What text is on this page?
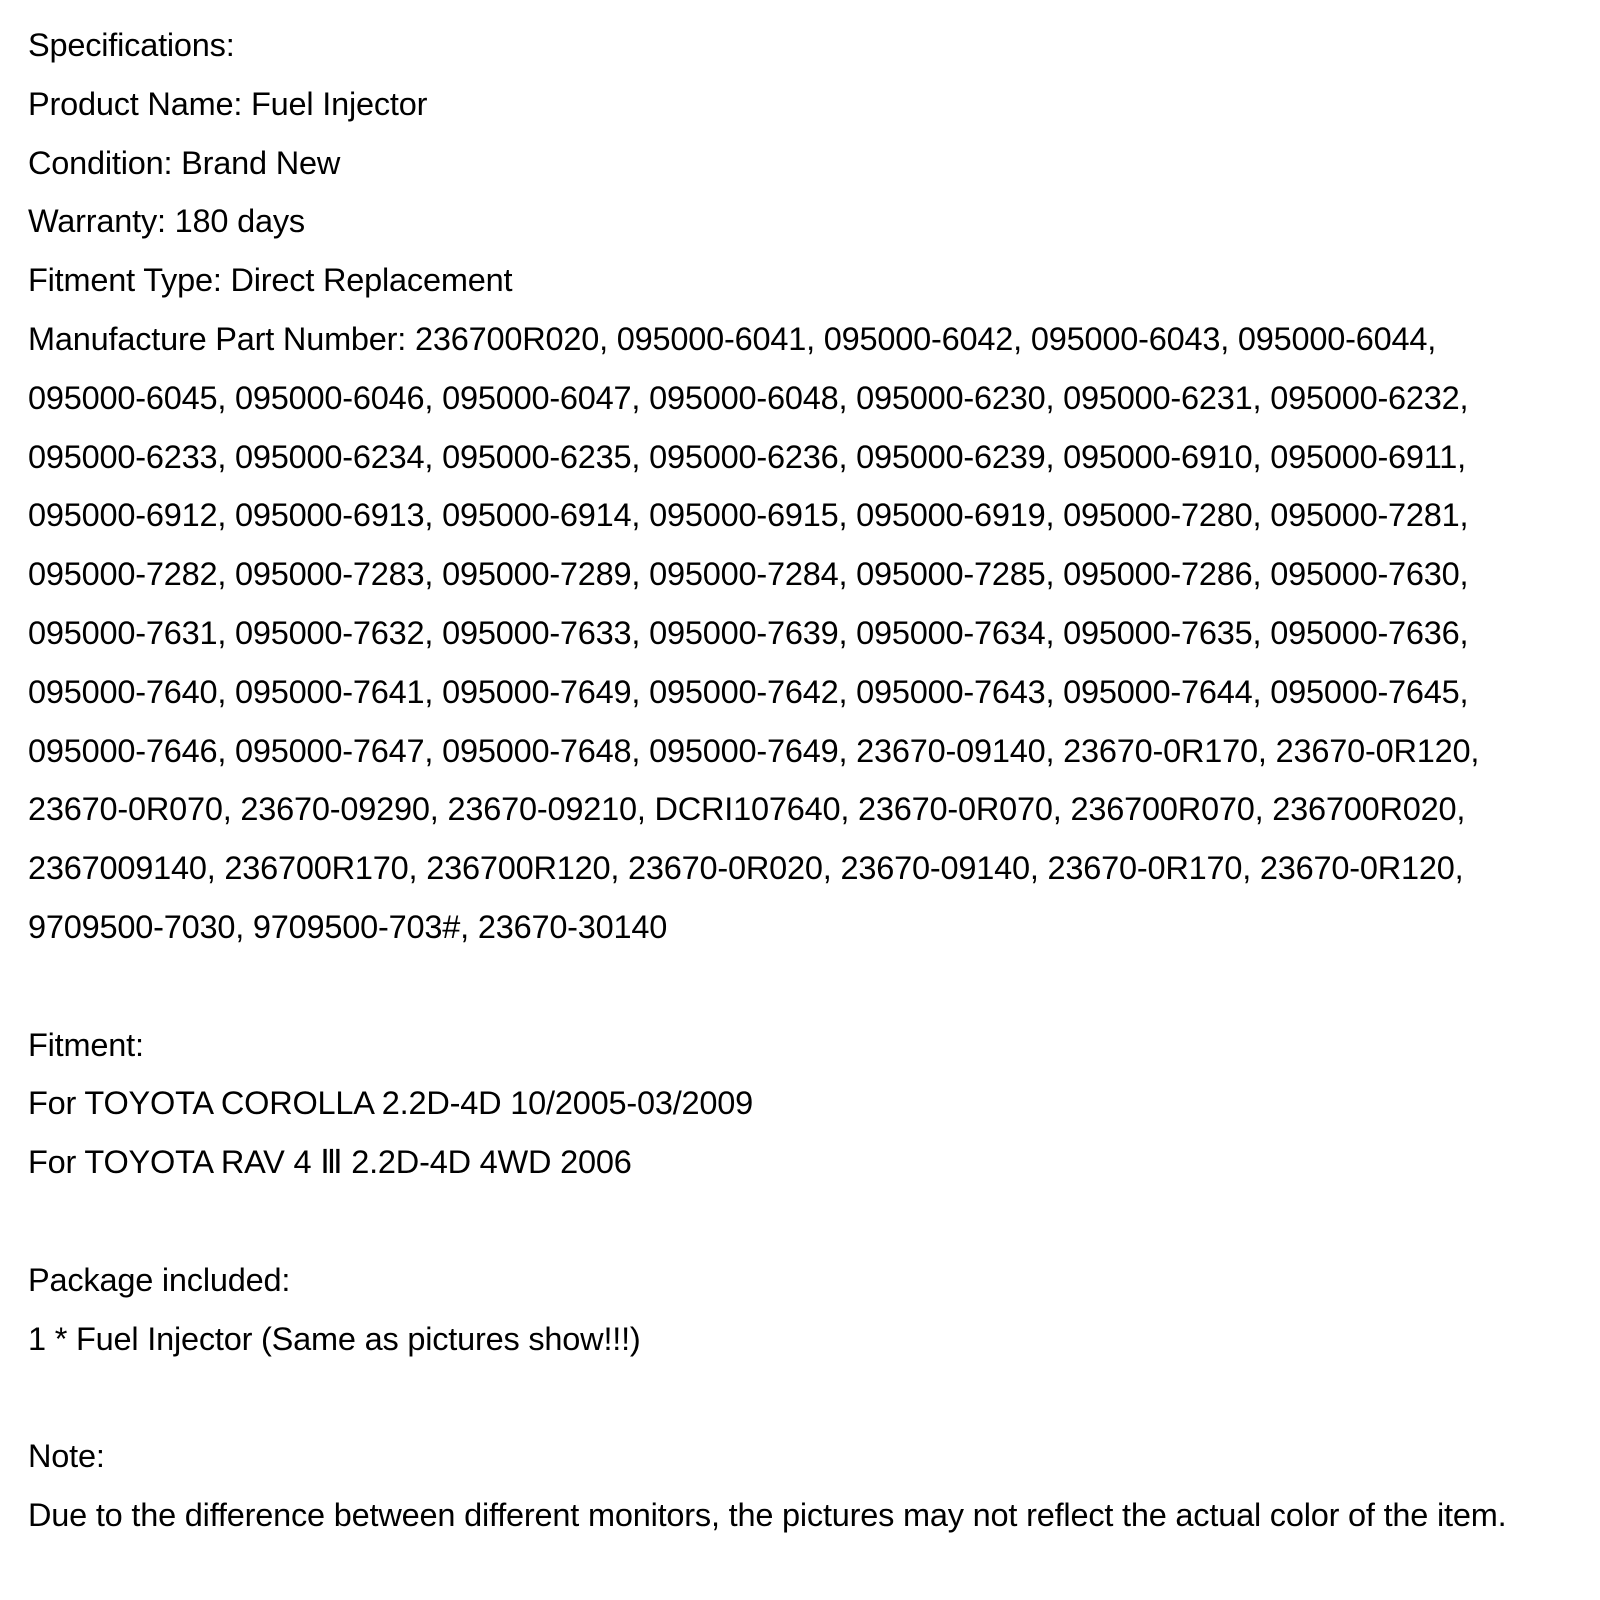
Specifications:
Product Name: Fuel Injector
Condition: Brand New
Warranty: 180 days
Fitment Type: Direct Replacement
Manufacture Part Number: 236700R020, 095000-6041, 095000-6042, 095000-6043, 095000-6044,
095000-6045, 095000-6046, 095000-6047, 095000-6048, 095000-6230, 095000-6231, 095000-6232,
095000-6233, 095000-6234, 095000-6235, 095000-6236, 095000-6239, 095000-6910, 095000-6911,
095000-6912, 095000-6913, 095000-6914, 095000-6915, 095000-6919, 095000-7280, 095000-7281,
095000-7282, 095000-7283, 095000-7289, 095000-7284, 095000-7285, 095000-7286, 095000-7630,
095000-7631, 095000-7632, 095000-7633, 095000-7639, 095000-7634, 095000-7635, 095000-7636,
095000-7640, 095000-7641, 095000-7649, 095000-7642, 095000-7643, 095000-7644, 095000-7645,
095000-7646, 095000-7647, 095000-7648, 095000-7649, 23670-09140, 23670-0R170, 23670-0R120,
23670-0R070, 23670-09290, 23670-09210, DCRI107640, 23670-0R070, 236700R070, 236700R020,
2367009140, 236700R170, 236700R120, 23670-0R020, 23670-09140, 23670-0R170, 23670-0R120,
9709500-7030, 9709500-703#, 23670-30140
Fitment:
For TOYOTA COROLLA 2.2D-4D 10/2005-03/2009
For TOYOTA RAV 4 Ⅲ 2.2D-4D 4WD 2006
Package included:
1 * Fuel Injector (Same as pictures show!!!)
Note:
Due to the difference between different monitors, the pictures may not reflect the actual color of the item.
